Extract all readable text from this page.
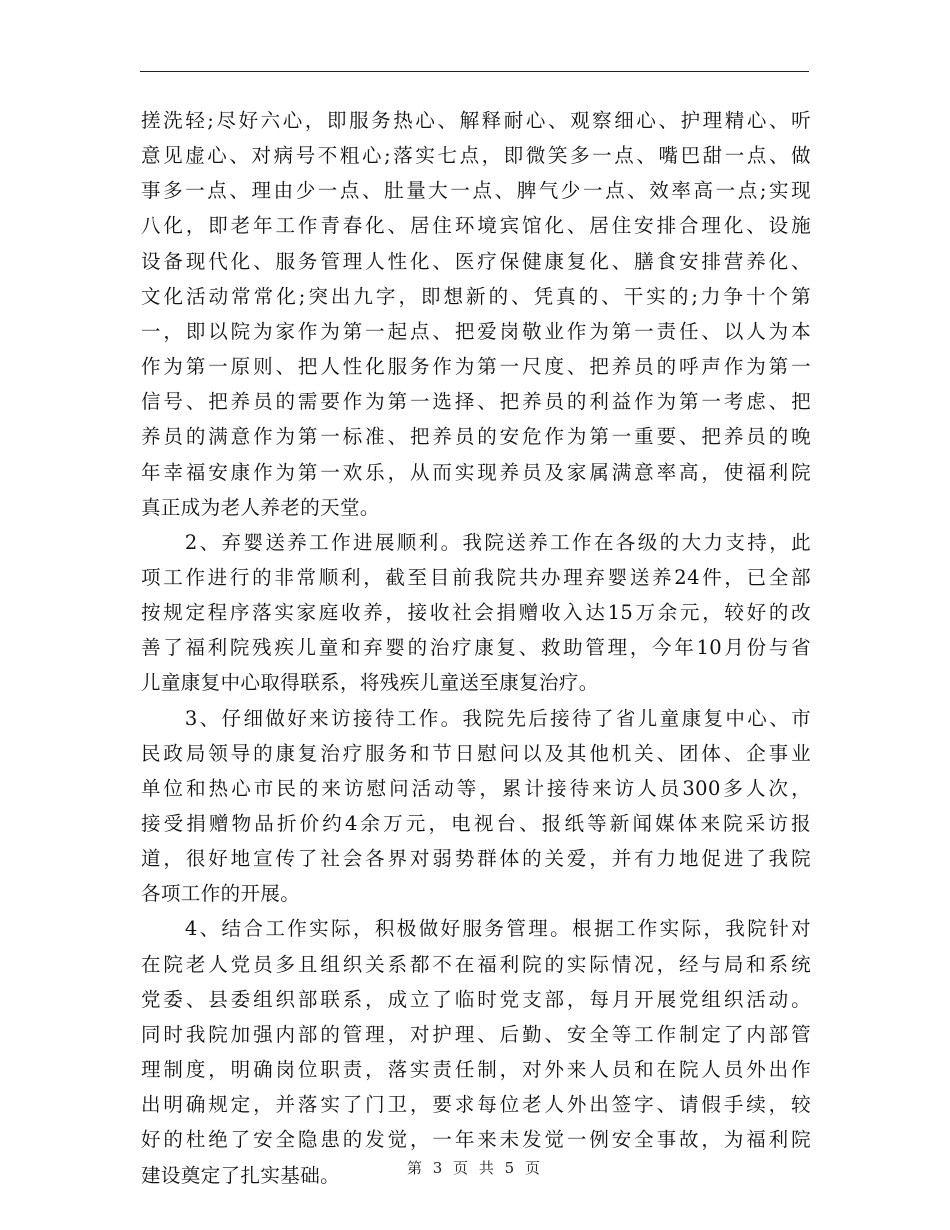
搓洗轻;尽好六心，即服务热心、解释耐心、观察细心、护理精心、听
意见虚心、对病号不粗心;落实七点，即微笑多一点、嘴巴甜一点、做
事多一点、理由少一点、肚量大一点、脾气少一点、效率高一点;实现
八化，即老年工作青春化、居住环境宾馆化、居住安排合理化、设施
设备现代化、服务管理人性化、医疗保健康复化、膳食安排营养化、
文化活动常常化;突出九字，即想新的、凭真的、干实的;力争十个第
一，即以院为家作为第一起点、把爱岗敬业作为第一责任、以人为本
作为第一原则、把人性化服务作为第一尺度、把养员的呼声作为第一
信号、把养员的需要作为第一选择、把养员的利益作为第一考虑、把
养员的满意作为第一标准、把养员的安危作为第一重要、把养员的晚
年幸福安康作为第一欢乐，从而实现养员及家属满意率高，使福利院
真正成为老人养老的天堂。
　　2、弃婴送养工作进展顺利。我院送养工作在各级的大力支持，此
项工作进行的非常顺利，截至目前我院共办理弃婴送养24件，已全部
按规定程序落实家庭收养，接收社会捐赠收入达15万余元，较好的改
善了福利院残疾儿童和弃婴的治疗康复、救助管理，今年10月份与省
儿童康复中心取得联系，将残疾儿童送至康复治疗。
　　3、仔细做好来访接待工作。我院先后接待了省儿童康复中心、市
民政局领导的康复治疗服务和节日慰问以及其他机关、团体、企事业
单位和热心市民的来访慰问活动等，累计接待来访人员300多人次，
接受捐赠物品折价约4余万元，电视台、报纸等新闻媒体来院采访报
道，很好地宣传了社会各界对弱势群体的关爱，并有力地促进了我院
各项工作的开展。
　　4、结合工作实际，积极做好服务管理。根据工作实际，我院针对
在院老人党员多且组织关系都不在福利院的实际情况，经与局和系统
党委、县委组织部联系，成立了临时党支部，每月开展党组织活动。
同时我院加强内部的管理，对护理、后勤、安全等工作制定了内部管
理制度，明确岗位职责，落实责任制，对外来人员和在院人员外出作
出明确规定，并落实了门卫，要求每位老人外出签字、请假手续，较
好的杜绝了安全隐患的发觉，一年来未发觉一例安全事故，为福利院
建设奠定了扎实基础。	第 3 页 共 5 页
